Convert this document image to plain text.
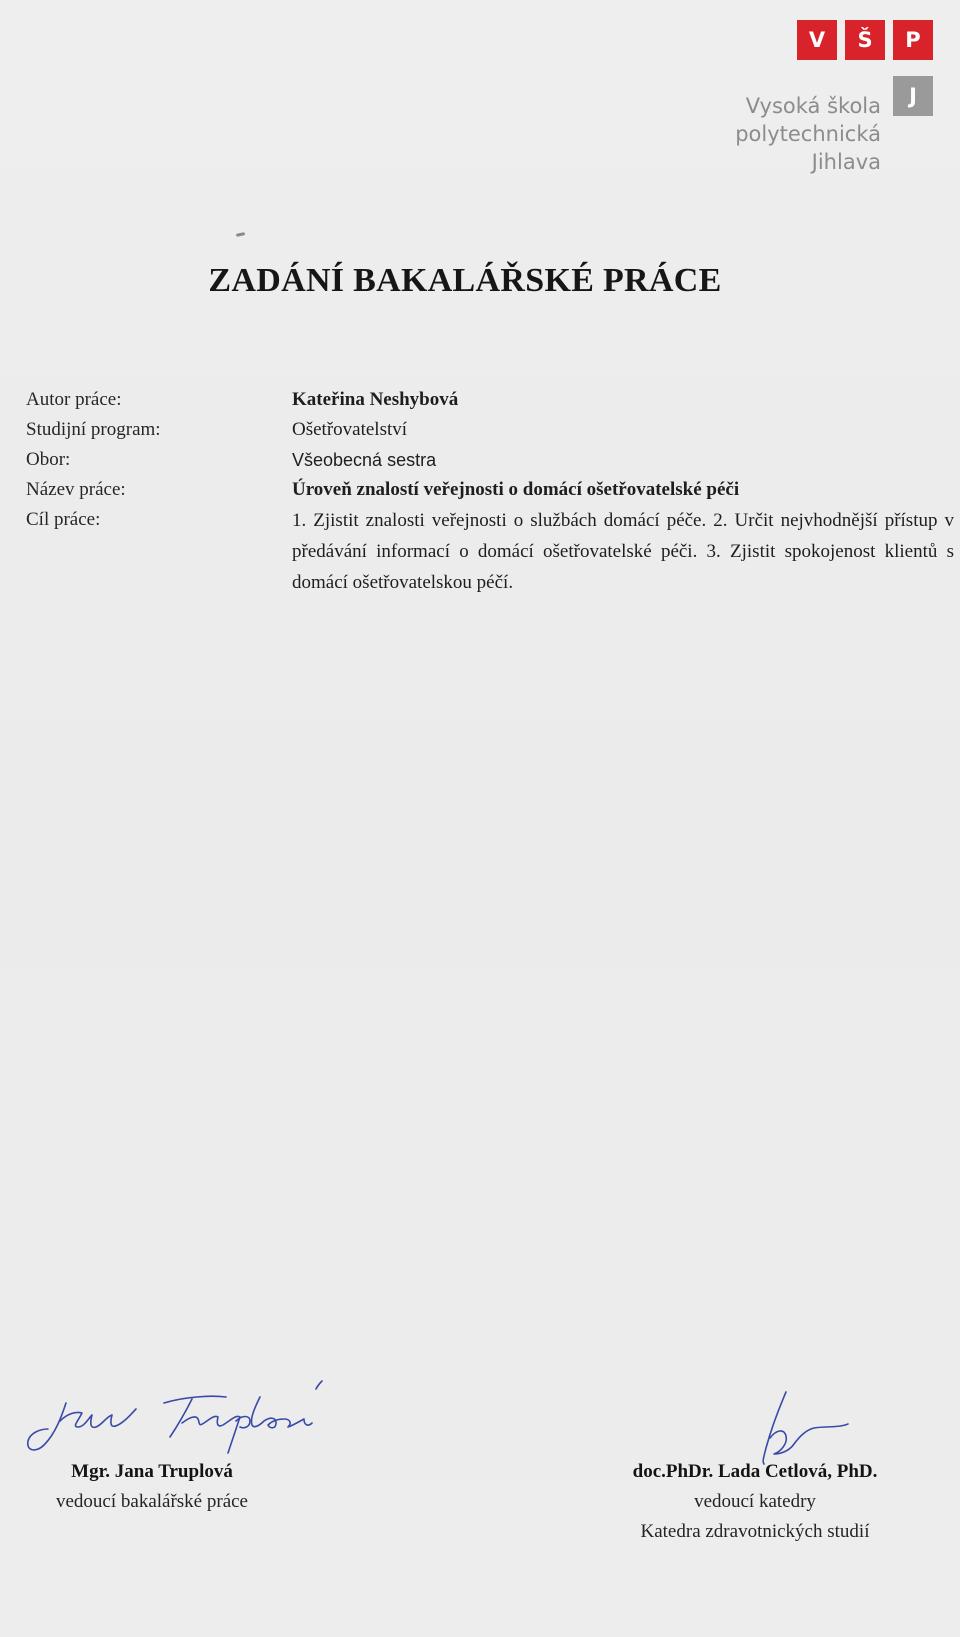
V	Š	P
J
Vysoká škola
polytechnická
Jihlava
ZADÁNÍ BAKALÁŘSKÉ PRÁCE
Autor práce:	Kateřina Neshybová
Studijní program:	Ošetřovatelství
Obor:	Všeobecná sestra
Název práce:	Úroveň znalostí veřejnosti o domácí ošetřovatelské péči
Cíl práce:	1. Zjistit znalosti veřejnosti o službách domácí péče. 2. Určit nejvhodnější přístup v předávání informací o domácí ošetřovatelské péči. 3. Zjistit spokojenost klientů s domácí ošetřovatelskou péčí.
Mgr. Jana Truplová
vedoucí bakalářské práce
doc.PhDr. Lada Cetlová, PhD.
vedoucí katedry
Katedra zdravotnických studií
